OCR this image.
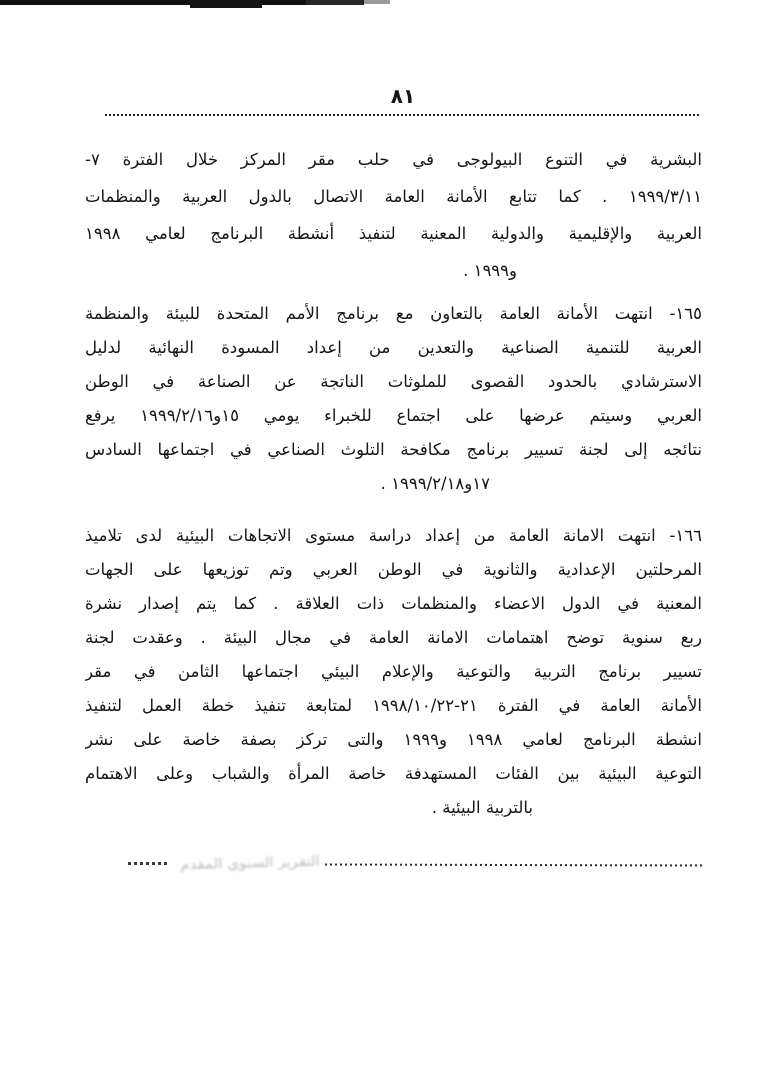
٨١
البشرية في التنوع البيولوجى في حلب مقر المركز خلال الفترة ٧-
١٩٩٩/٣/١١ . كما تتابع الأمانة العامة الاتصال بالدول العربية والمنظمات
العربية والإقليمية والدولية المعنية لتنفيذ أنشطة البرنامج لعامي ١٩٩٨
و١٩٩٩ .
١٦٥- انتهت الأمانة العامة بالتعاون مع برنامج الأمم المتحدة للبيئة والمنظمة
العربية للتنمية الصناعية والتعدين من إعداد المسودة النهائية لدليل
الاسترشادي بالحدود القصوى للملوثات الناتجة عن الصناعة في الوطن
العربي وسيتم عرضها على اجتماع للخبراء يومي ١٥و١٩٩٩/٢/١٦ يرفع
نتائجه إلى لجنة تسيير برنامج مكافحة التلوث الصناعي في اجتماعها السادس
١٧و١٩٩٩/٢/١٨ .
١٦٦- انتهت الامانة العامة من إعداد دراسة مستوى الاتجاهات البيئية لدى تلاميذ
المرحلتين الإعدادية والثانوية في الوطن العربي وتم توزيعها على الجهات
المعنية في الدول الاعضاء والمنظمات ذات العلاقة . كما يتم إصدار نشرة
ربع سنوية توضح اهتمامات الامانة العامة في مجال البيئة . وعقدت لجنة
تسيير برنامج التربية والتوعية والإعلام البيئي اجتماعها الثامن في مقر
الأمانة العامة في الفترة ٢١-١٩٩٨/١٠/٢٢ لمتابعة تنفيذ خطة العمل لتنفيذ
انشطة البرنامج لعامي ١٩٩٨ و١٩٩٩ والتى تركز بصفة خاصة على نشر
التوعية البيئية بين الفئات المستهدفة خاصة المرأة والشباب وعلى الاهتمام
بالتربية البيئية .
التقرير السنوي المقدم
